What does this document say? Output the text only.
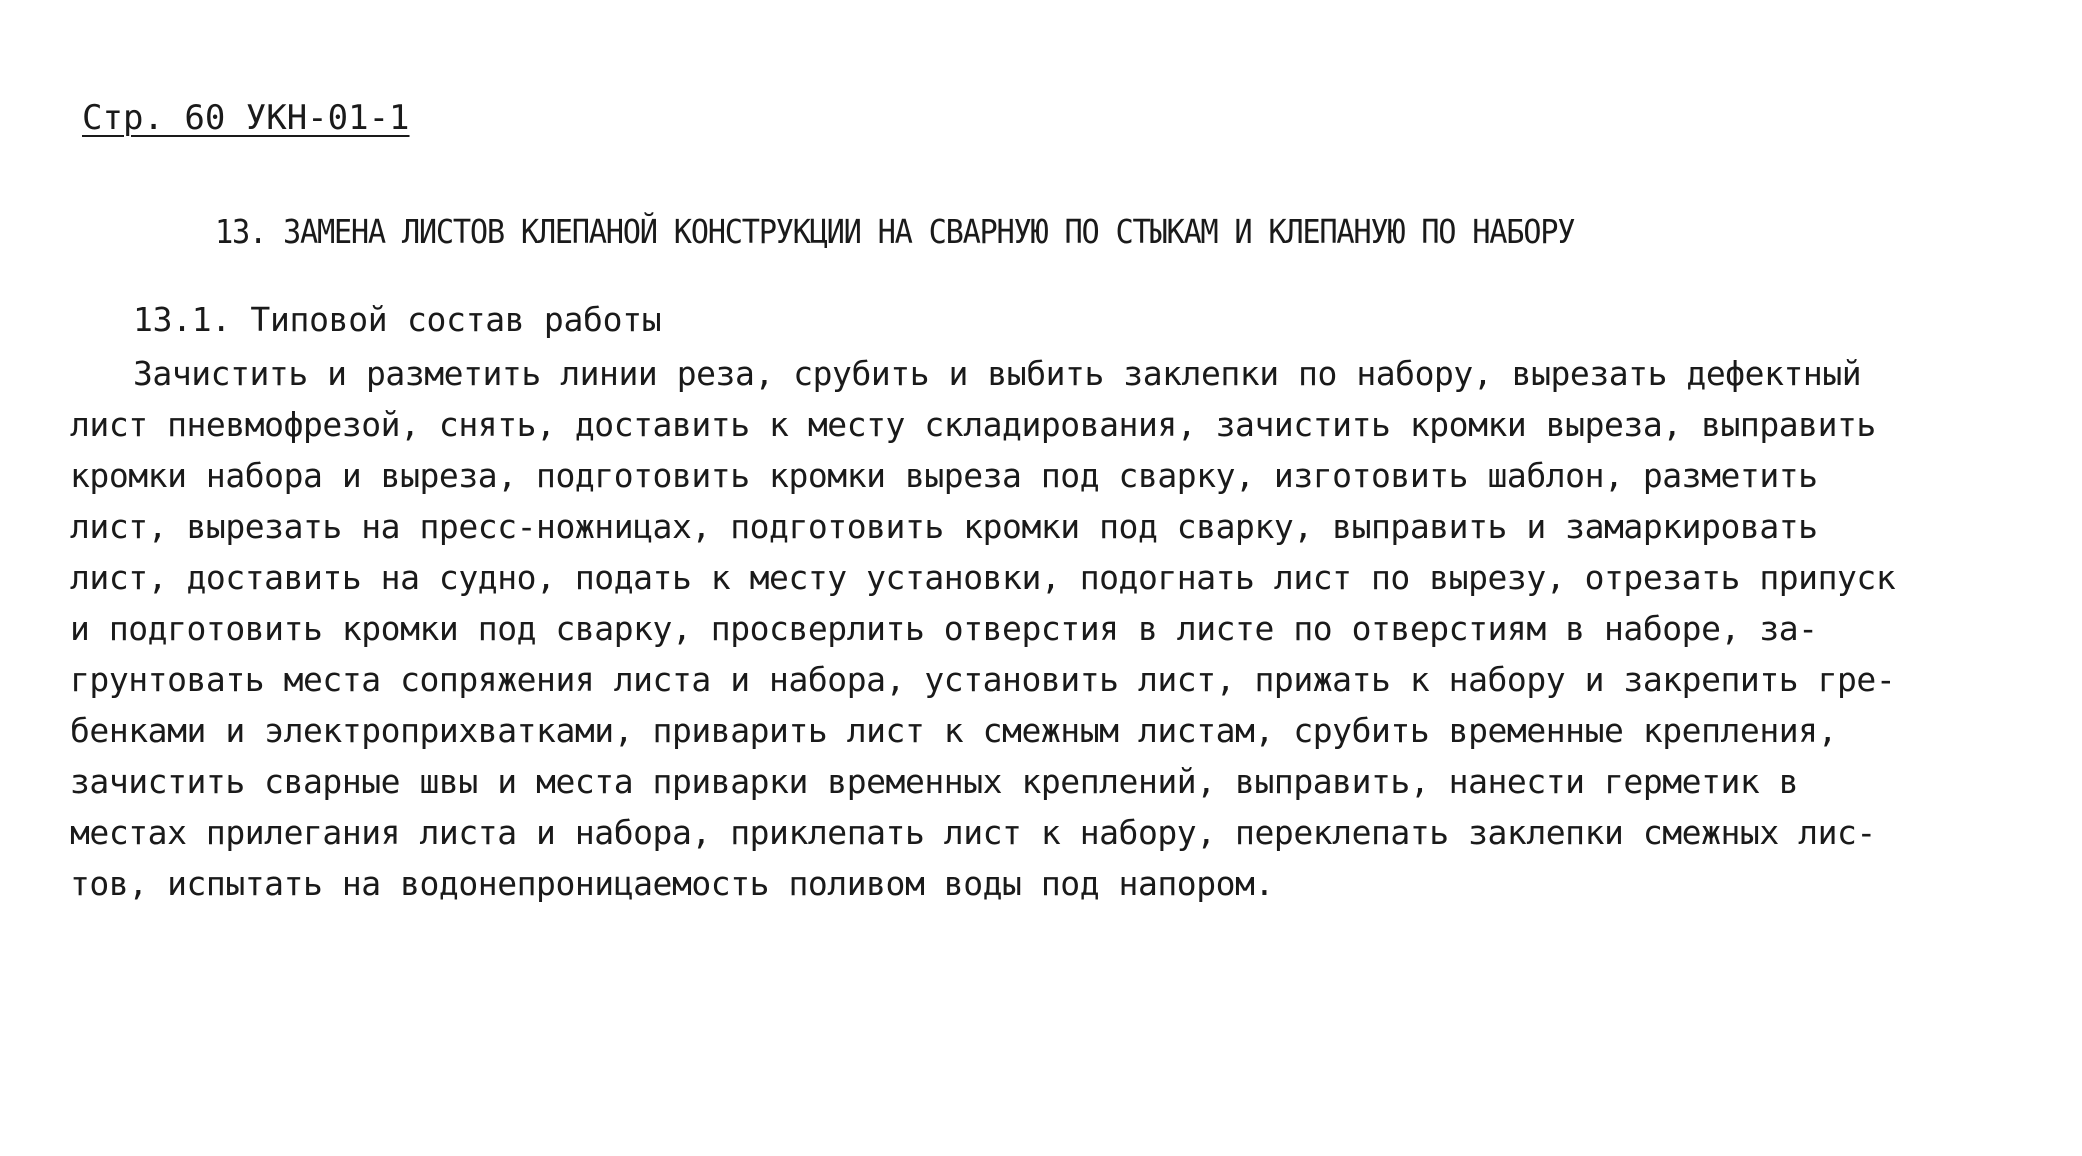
Стр. 60 УКН-01-1
13. ЗАМЕНА ЛИСТОВ КЛЕПАНОЙ КОНСТРУКЦИИ НА СВАРНУЮ ПО СТЫКАМ И КЛЕПАНУЮ ПО НАБОРУ
13.1. Типовой состав работы
Зачистить и разметить линии реза, срубить и выбить заклепки по набору, вырезать дефектный
лист пневмофрезой, снять, доставить к месту складирования, зачистить кромки выреза, выправить
кромки набора и выреза, подготовить кромки выреза под сварку, изготовить шаблон, разметить
лист, вырезать на пресс-ножницах, подготовить кромки под сварку, выправить и замаркировать
лист, доставить на судно, подать к месту установки, подогнать лист по вырезу, отрезать припуск
и подготовить кромки под сварку, просверлить отверстия в листе по отверстиям в наборе, за-
грунтовать места сопряжения листа и набора, установить лист, прижать к набору и закрепить гре-
бенками и электроприхватками, приварить лист к смежным листам, срубить временные крепления,
зачистить сварные швы и места приварки временных креплений, выправить, нанести герметик в
местах прилегания листа и набора, приклепать лист к набору, переклепать заклепки смежных лис-
тов, испытать на водонепроницаемость поливом воды под напором.
